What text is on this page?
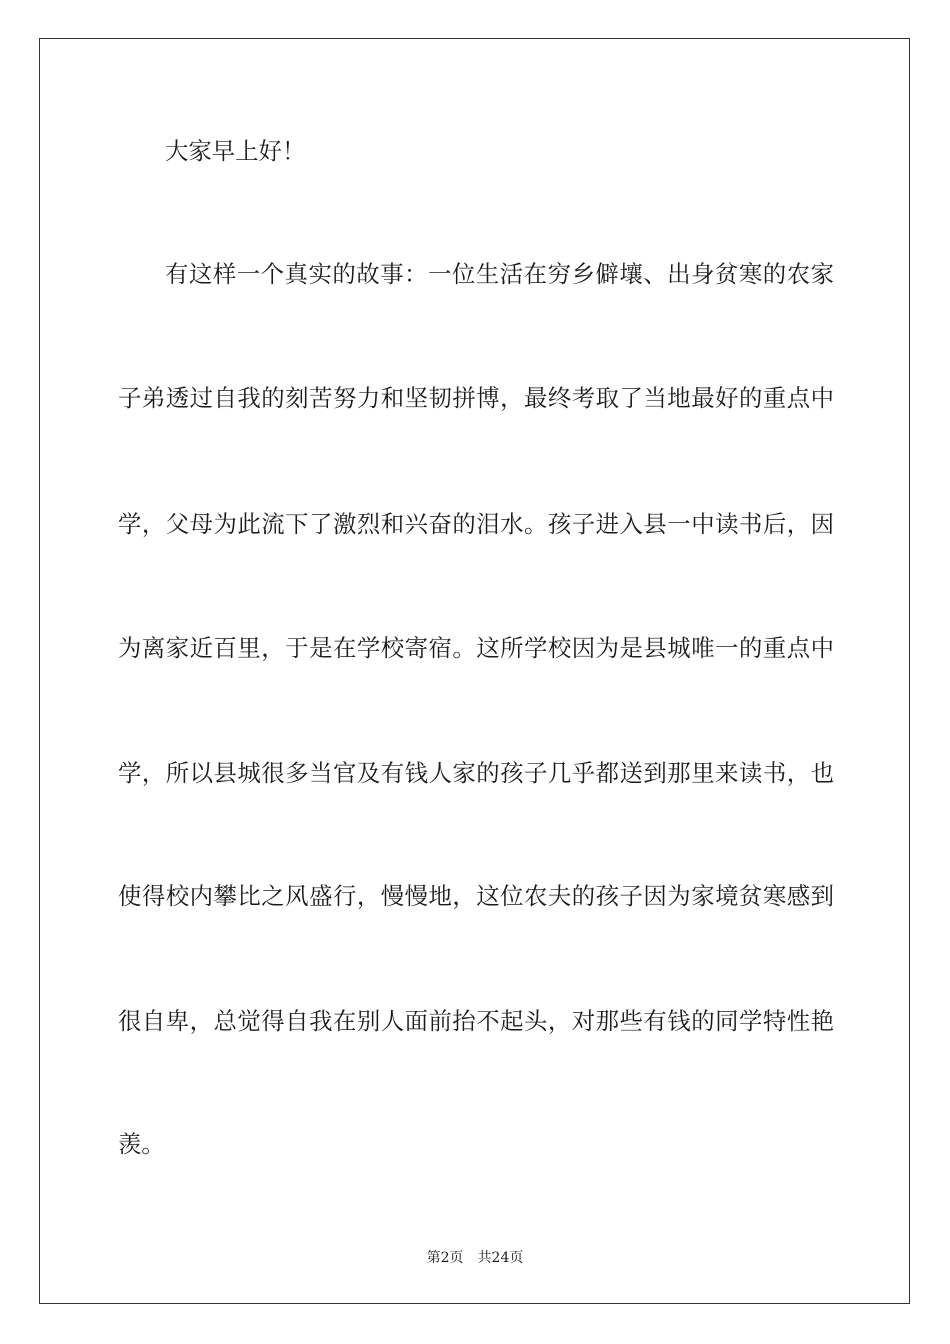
大家早上好！
有这样一个真实的故事：一位生活在穷乡僻壤、出身贫寒的农家
子弟透过自我的刻苦努力和坚韧拼博，最终考取了当地最好的重点中
学，父母为此流下了激烈和兴奋的泪水。孩子进入县一中读书后，因
为离家近百里，于是在学校寄宿。这所学校因为是县城唯一的重点中
学，所以县城很多当官及有钱人家的孩子几乎都送到那里来读书，也
使得校内攀比之风盛行，慢慢地，这位农夫的孩子因为家境贫寒感到
很自卑，总觉得自我在别人面前抬不起头，对那些有钱的同学特性艳
羡。
第2页 共24页
